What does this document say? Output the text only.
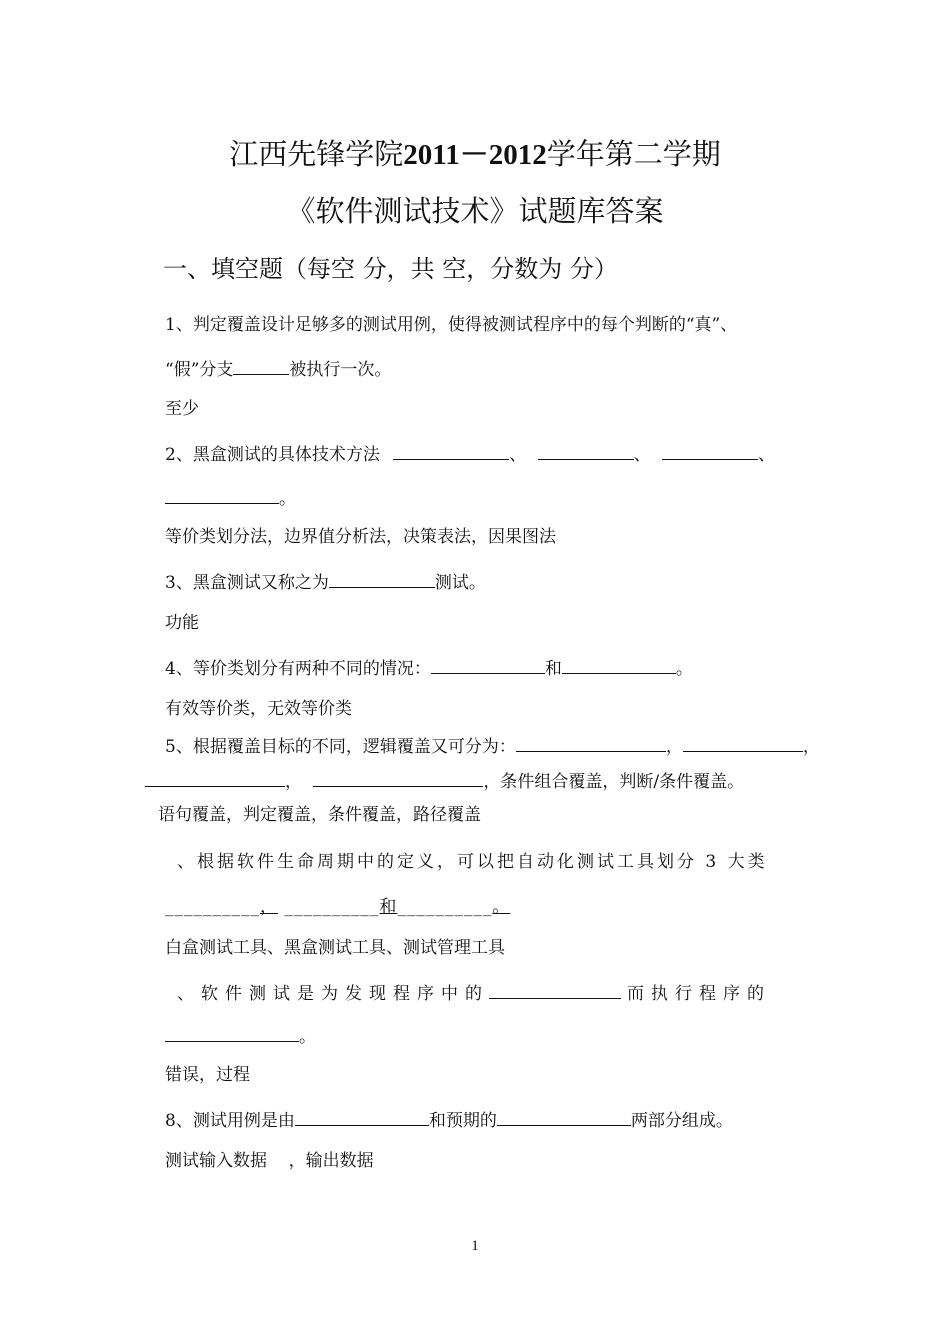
江西先锋学院2011－2012学年第二学期
《软件测试技术》试题库答案
一、填空题（每空 分，共 空，分数为 分）
1、判定覆盖设计足够多的测试用例，使得被测试程序中的每个判断的“真”、
“假”分支	被执行一次。
至少
2、黑盒测试的具体技术方法	、	、	、
。
等价类划分法，边界值分析法，决策表法，因果图法
3、黑盒测试又称之为	测试。
功能
4、等价类划分有两种不同的情况：	和	。
有效等价类，无效等价类
5、根据覆盖目标的不同，逻辑覆盖又可分为：	，	，
，	，条件组合覆盖，判断/条件覆盖。
语句覆盖，判定覆盖，条件覆盖，路径覆盖
、根据软件生命周期中的定义，可以把自动化测试工具划分 3 大类
__________， __________和__________。
白盒测试工具、黑盒测试工具、测试管理工具
、软件测试是为发现程序中的	而执行程序的
。
错误，过程
8、测试用例是由	和预期的	两部分组成。
测试输入数据    ，输出数据
1
